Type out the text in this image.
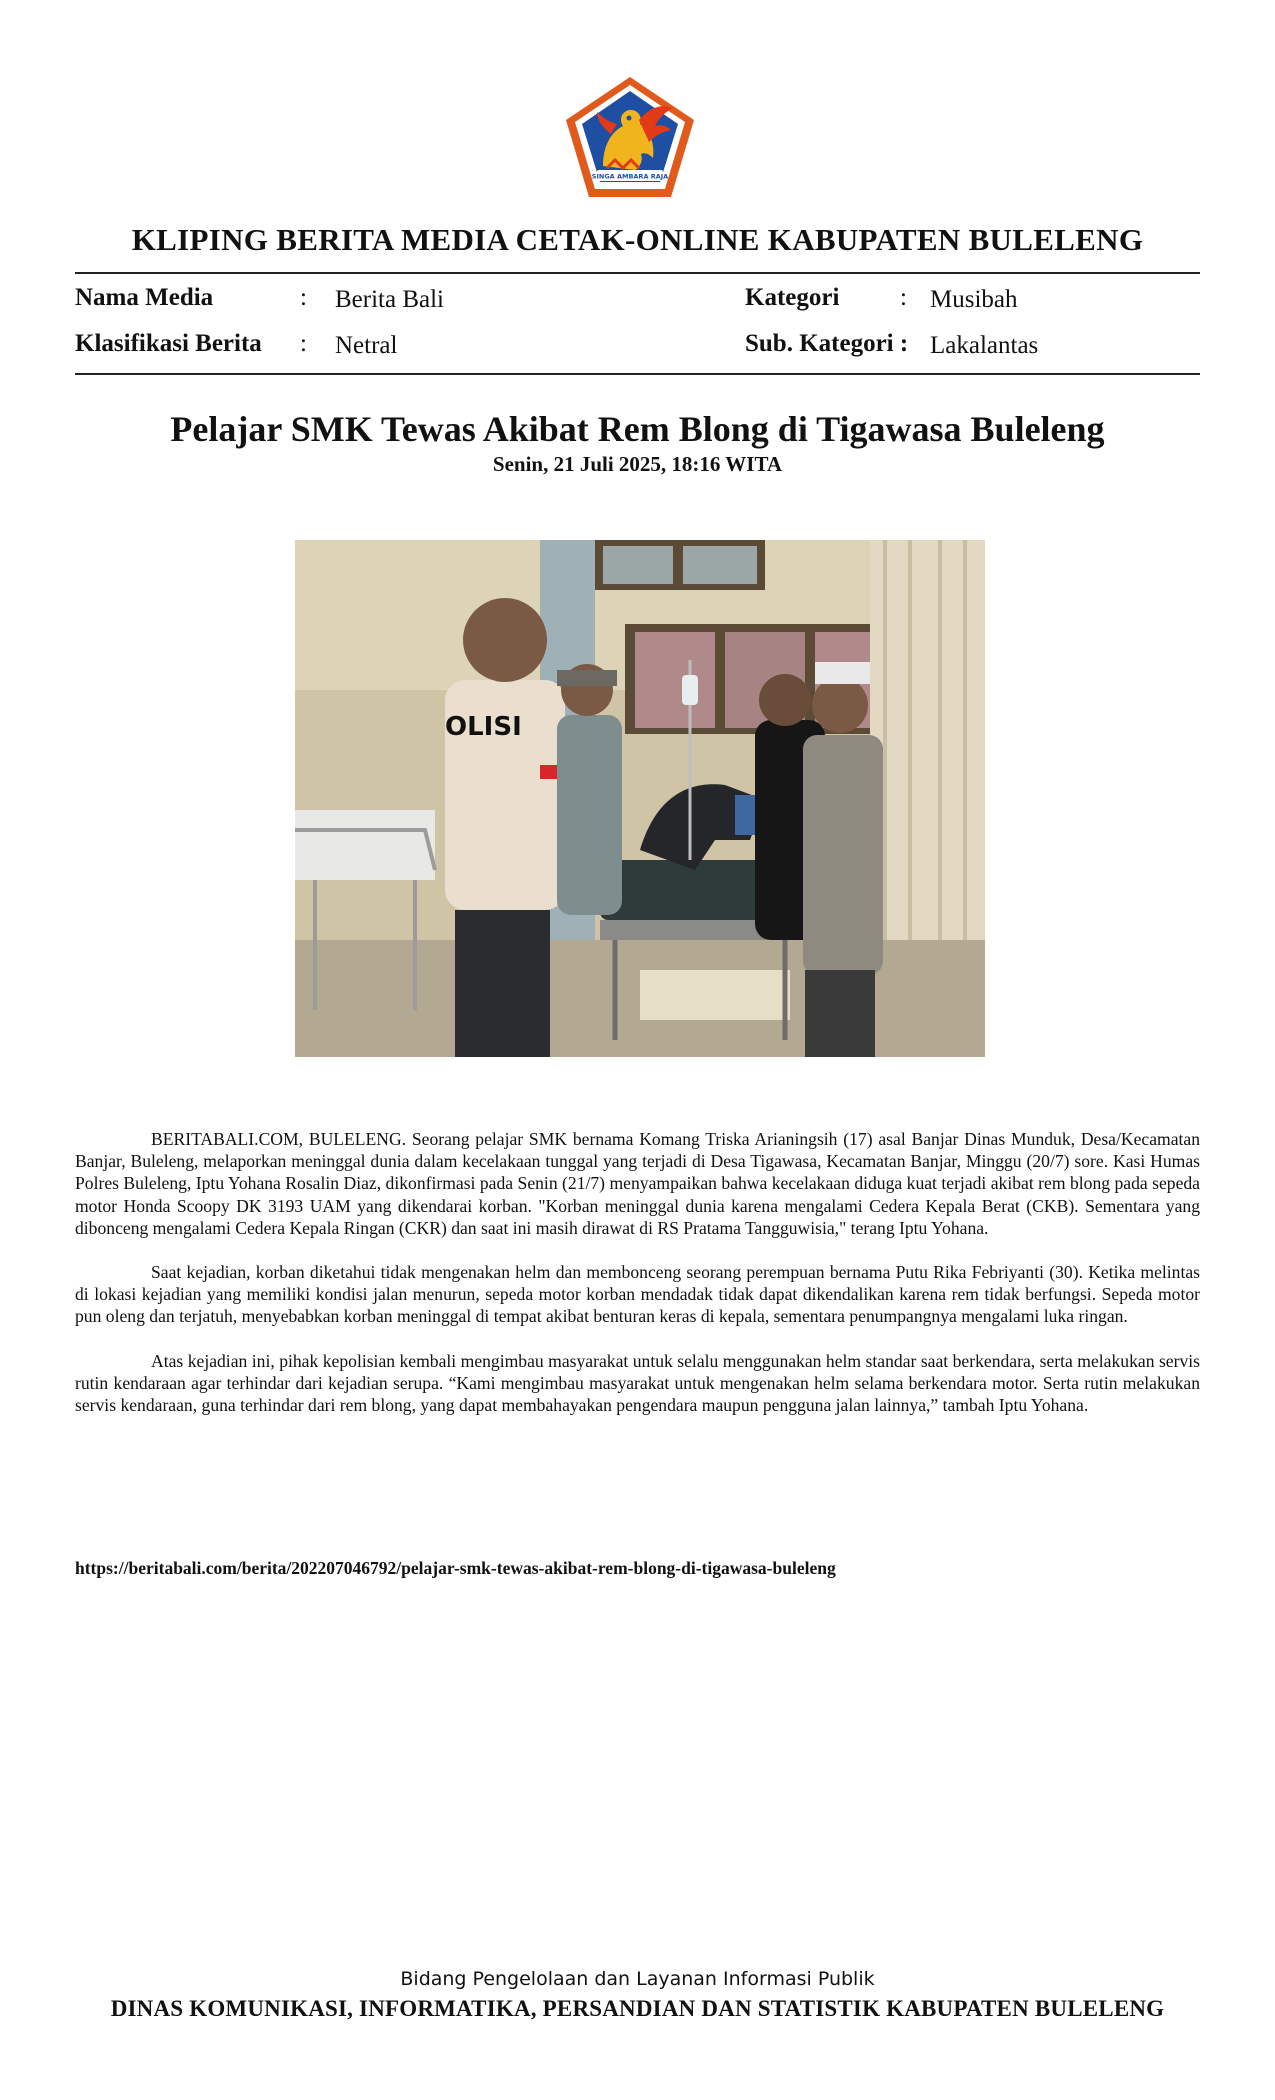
SINGA AMBARA RAJA
KLIPING BERITA MEDIA CETAK-ONLINE KABUPATEN BULELENG
Nama Media	: Berita Bali
Klasifikasi Berita : Netral
Kategori : Musibah
Sub. Kategori : Lakalantas
Pelajar SMK Tewas Akibat Rem Blong di Tigawasa Buleleng
Senin, 21 Juli 2025, 18:16 WITA
OLISI

BERITABALI.COM, BULELENG. Seorang pelajar SMK bernama Komang Triska Arianingsih (17) asal Banjar Dinas Munduk, Desa/Kecamatan Banjar, Buleleng, melaporkan meninggal dunia dalam kecelakaan tunggal yang terjadi di Desa Tigawasa, Kecamatan Banjar, Minggu (20/7) sore. Kasi Humas Polres Buleleng, Iptu Yohana Rosalin Diaz, dikonfirmasi pada Senin (21/7) menyampaikan bahwa kecelakaan diduga kuat terjadi akibat rem blong pada sepeda motor Honda Scoopy DK 3193 UAM yang dikendarai korban. "Korban meninggal dunia karena mengalami Cedera Kepala Berat (CKB). Sementara yang dibonceng mengalami Cedera Kepala Ringan (CKR) dan saat ini masih dirawat di RS Pratama Tangguwisia," terang Iptu Yohana.

Saat kejadian, korban diketahui tidak mengenakan helm dan membonceng seorang perempuan bernama Putu Rika Febriyanti (30). Ketika melintas di lokasi kejadian yang memiliki kondisi jalan menurun, sepeda motor korban mendadak tidak dapat dikendalikan karena rem tidak berfungsi. Sepeda motor pun oleng dan terjatuh, menyebabkan korban meninggal di tempat akibat benturan keras di kepala, sementara penumpangnya mengalami luka ringan.

Atas kejadian ini, pihak kepolisian kembali mengimbau masyarakat untuk selalu menggunakan helm standar saat berkendara, serta melakukan servis rutin kendaraan agar terhindar dari kejadian serupa. “Kami mengimbau masyarakat untuk mengenakan helm selama berkendara motor. Serta rutin melakukan servis kendaraan, guna terhindar dari rem blong, yang dapat membahayakan pengendara maupun pengguna jalan lainnya,” tambah Iptu Yohana.

https://beritabali.com/berita/202207046792/pelajar-smk-tewas-akibat-rem-blong-di-tigawasa-buleleng
Bidang Pengelolaan dan Layanan Informasi Publik
DINAS KOMUNIKASI, INFORMATIKA, PERSANDIAN DAN STATISTIK KABUPATEN BULELENG
